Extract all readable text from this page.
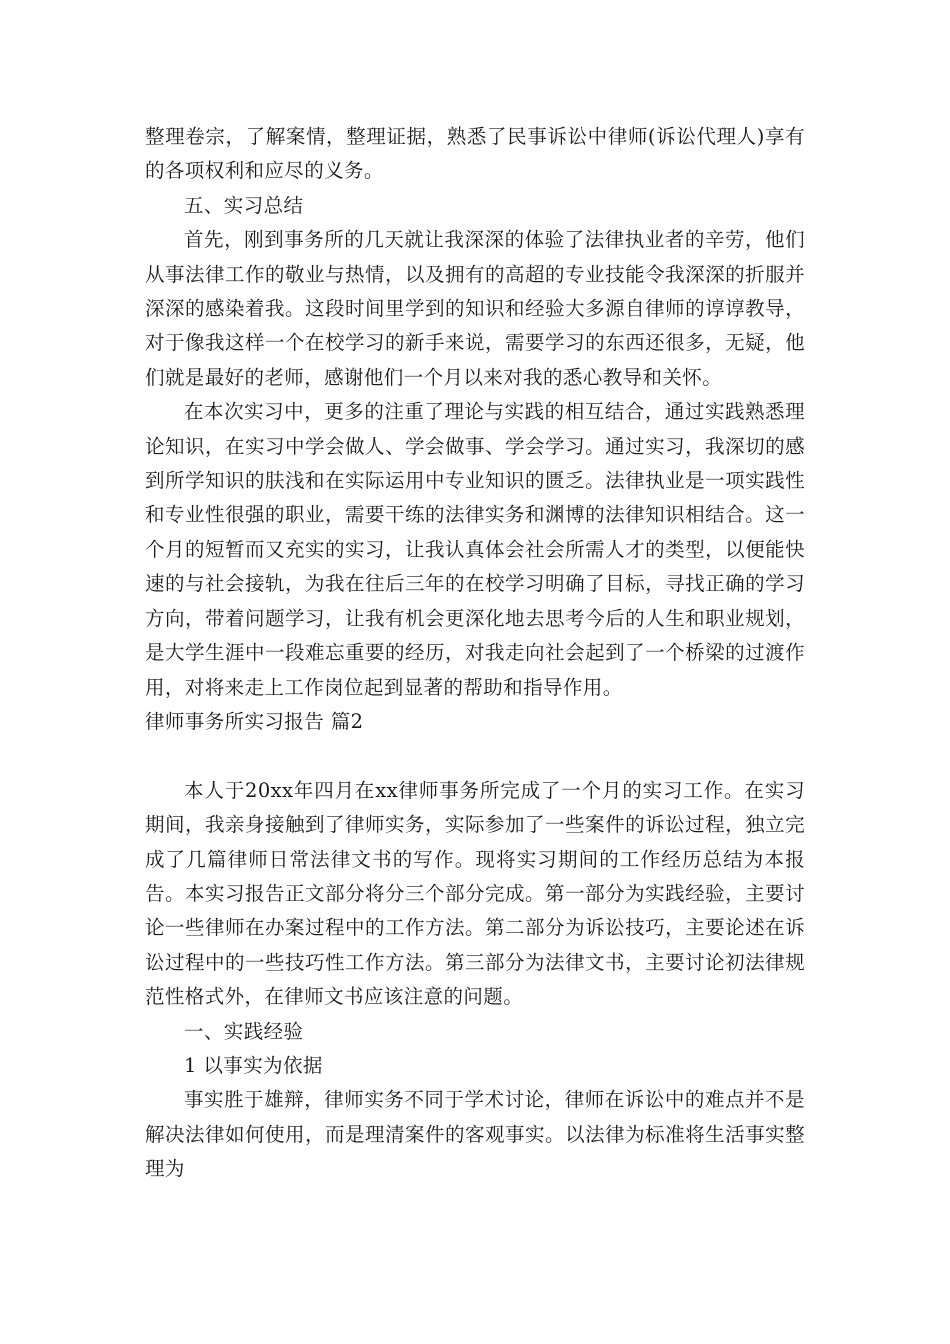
整理卷宗，了解案情，整理证据，熟悉了民事诉讼中律师(诉讼代理人)享有的各项权利和应尽的义务。

五、实习总结

首先，刚到事务所的几天就让我深深的体验了法律执业者的辛劳，他们从事法律工作的敬业与热情，以及拥有的高超的专业技能令我深深的折服并深深的感染着我。这段时间里学到的知识和经验大多源自律师的谆谆教导，对于像我这样一个在校学习的新手来说，需要学习的东西还很多，无疑，他们就是最好的老师，感谢他们一个月以来对我的悉心教导和关怀。

在本次实习中，更多的注重了理论与实践的相互结合，通过实践熟悉理论知识，在实习中学会做人、学会做事、学会学习。通过实习，我深切的感到所学知识的肤浅和在实际运用中专业知识的匮乏。法律执业是一项实践性和专业性很强的职业，需要干练的法律实务和渊博的法律知识相结合。这一个月的短暂而又充实的实习，让我认真体会社会所需人才的类型，以便能快速的与社会接轨，为我在往后三年的在校学习明确了目标，寻找正确的学习方向，带着问题学习，让我有机会更深化地去思考今后的人生和职业规划，是大学生涯中一段难忘重要的经历，对我走向社会起到了一个桥梁的过渡作用，对将来走上工作岗位起到显著的帮助和指导作用。

律师事务所实习报告 篇2

本人于20xx年四月在xx律师事务所完成了一个月的实习工作。在实习期间，我亲身接触到了律师实务，实际参加了一些案件的诉讼过程，独立完成了几篇律师日常法律文书的写作。现将实习期间的工作经历总结为本报告。本实习报告正文部分将分三个部分完成。第一部分为实践经验，主要讨论一些律师在办案过程中的工作方法。第二部分为诉讼技巧，主要论述在诉讼过程中的一些技巧性工作方法。第三部分为法律文书，主要讨论初法律规范性格式外，在律师文书应该注意的问题。

一、实践经验

1 以事实为依据

事实胜于雄辩，律师实务不同于学术讨论，律师在诉讼中的难点并不是解决法律如何使用，而是理清案件的客观事实。以法律为标准将生活事实整理为
